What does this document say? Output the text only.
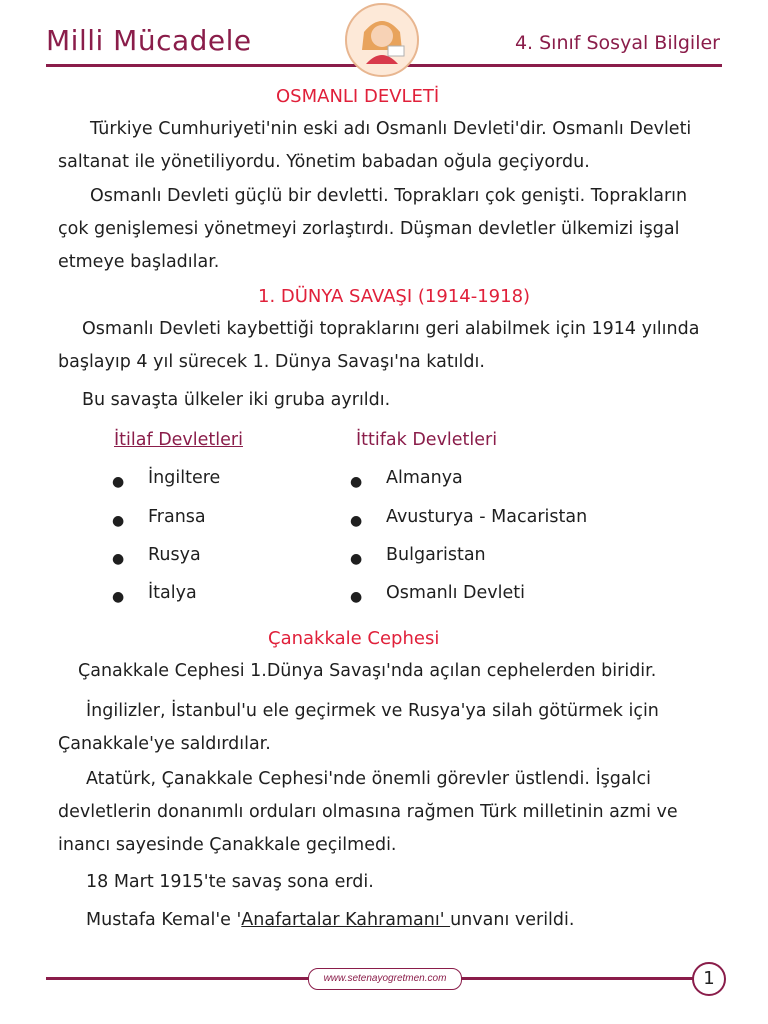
Milli Mücadele	4. Sınıf Sosyal Bilgiler
OSMANLI DEVLETİ

Türkiye Cumhuriyeti'nin eski adı Osmanlı Devleti'dir. Osmanlı Devleti saltanat ile yönetiliyordu. Yönetim babadan oğula geçiyordu.

Osmanlı Devleti güçlü bir devletti. Toprakları çok genişti. Toprakların çok genişlemesi yönetmeyi zorlaştırdı. Düşman devletler ülkemizi işgal etmeye başladılar.

1. DÜNYA SAVAŞI (1914-1918)

Osmanlı Devleti kaybettiği topraklarını geri alabilmek için 1914 yılında başlayıp 4 yıl sürecek 1. Dünya Savaşı'na katıldı.

Bu savaşta ülkeler iki gruba ayrıldı.

İtilaf Devletleri	İttifak Devletleri
● İngiltere
● Fransa
● Rusya
● İtalya
● Almanya
● Avusturya - Macaristan
● Bulgaristan
● Osmanlı Devleti
Çanakkale Cephesi

Çanakkale Cephesi 1.Dünya Savaşı'nda açılan cephelerden biridir.

İngilizler, İstanbul'u ele geçirmek ve Rusya'ya silah götürmek için Çanakkale'ye saldırdılar.

Atatürk, Çanakkale Cephesi'nde önemli görevler üstlendi. İşgalci devletlerin donanımlı orduları olmasına rağmen Türk milletinin azmi ve inancı sayesinde Çanakkale geçilmedi.

18 Mart 1915'te savaş sona erdi.

Mustafa Kemal'e 'Anafartalar Kahramanı' unvanı verildi.

www.setenayogretmen.com	1
